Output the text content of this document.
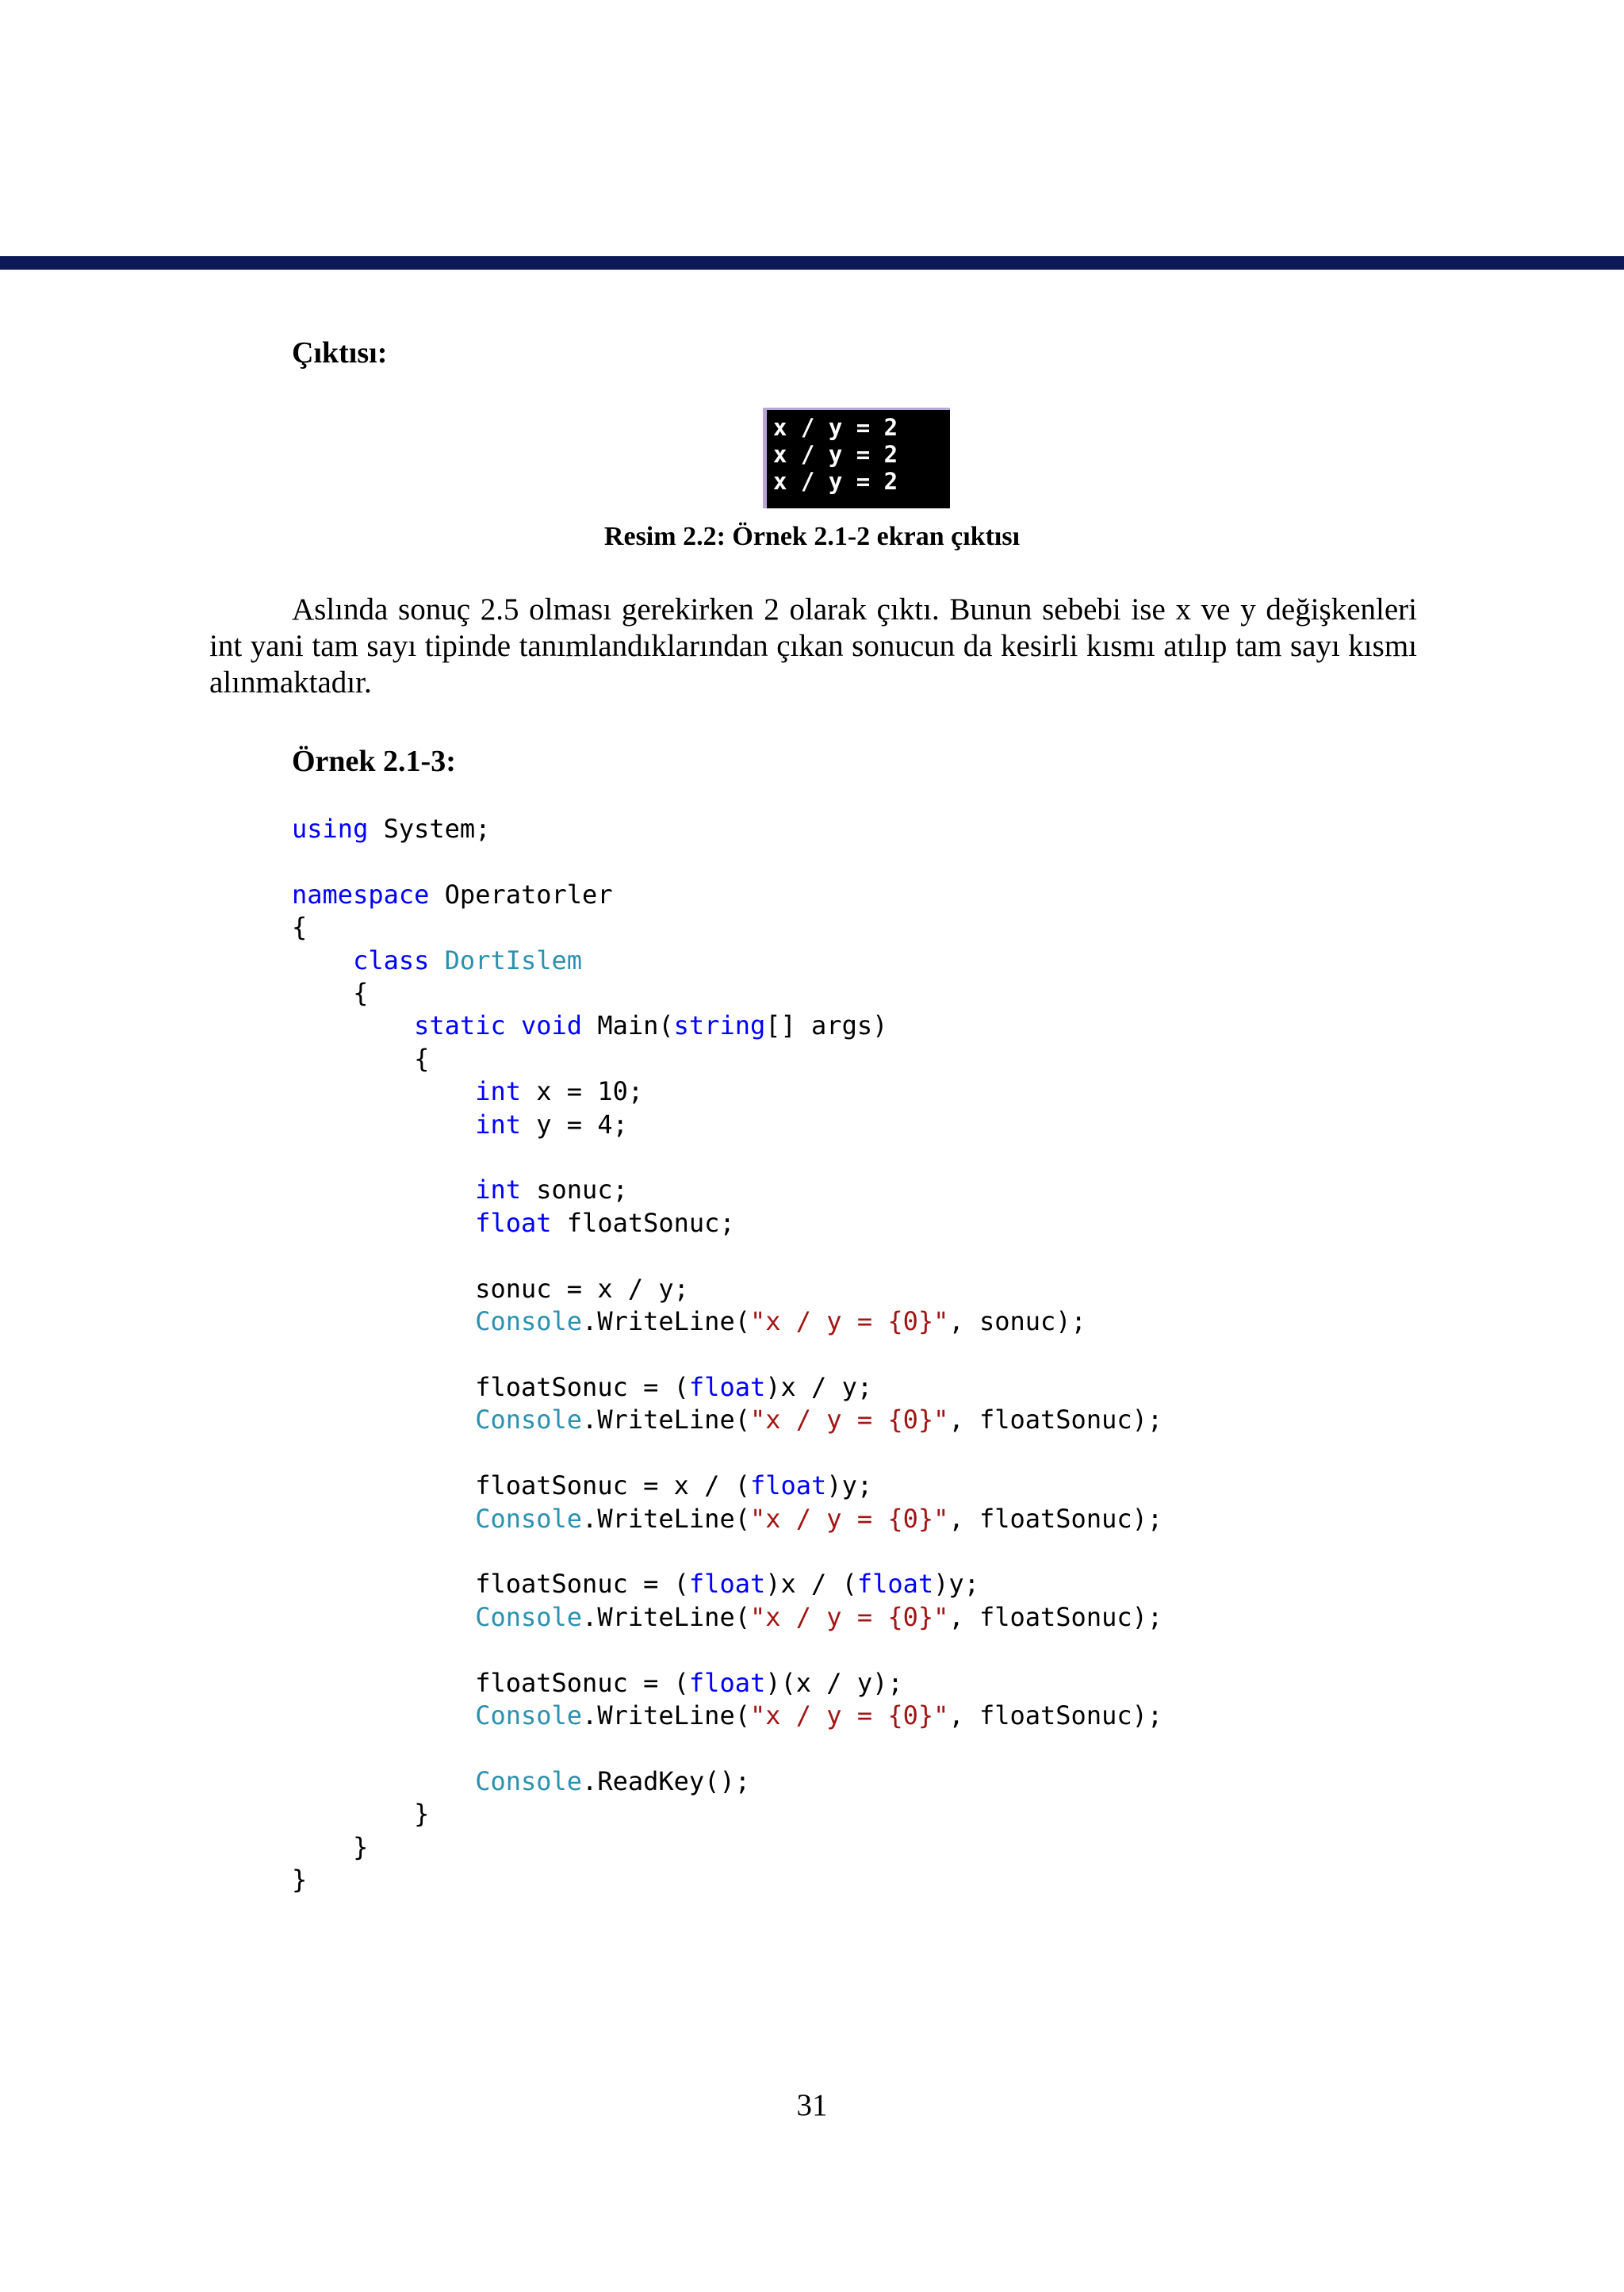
Çıktısı:
x / y = 2
x / y = 2
x / y = 2
Resim 2.2: Örnek 2.1-2 ekran çıktısı

Aslında sonuç 2.5 olması gerekirken 2 olarak çıktı. Bunun sebebi ise x ve y değişkenleri int yani tam sayı tipinde tanımlandıklarından çıkan sonucun da kesirli kısmı atılıp tam sayı kısmı alınmaktadır.

Örnek 2.1-3:
using System;
namespace Operatorler
{
class DortIslem
{
static void Main(string[] args)
{
int x = 10;
int y = 4;
int sonuc;
float floatSonuc;
sonuc = x / y;
Console.WriteLine("x / y = {0}", sonuc);
floatSonuc = (float)x / y;
Console.WriteLine("x / y = {0}", floatSonuc);
floatSonuc = x / (float)y;
Console.WriteLine("x / y = {0}", floatSonuc);
floatSonuc = (float)x / (float)y;
Console.WriteLine("x / y = {0}", floatSonuc);
floatSonuc = (float)(x / y);
Console.WriteLine("x / y = {0}", floatSonuc);
Console.ReadKey();
}
}
}
31
